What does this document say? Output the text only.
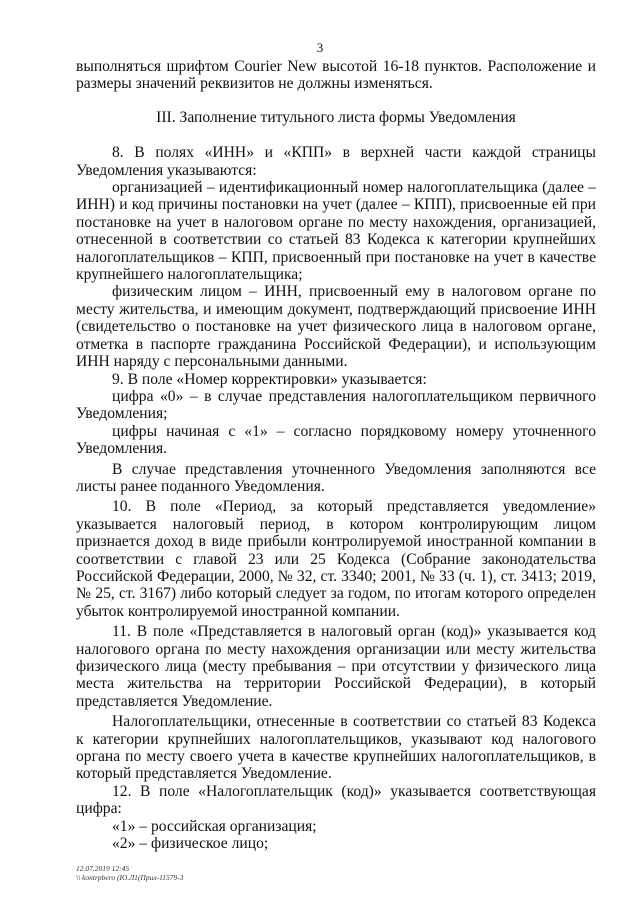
3

выполняться шрифтом Courier New высотой 16-18 пунктов. Расположение и размеры значений реквизитов не должны изменяться.

III. Заполнение титульного листа формы Уведомления

8. В полях «ИНН» и «КПП» в верхней части каждой страницы Уведомления указываются:

организацией – идентификационный номер налогоплательщика (далее – ИНН) и код причины постановки на учет (далее – КПП), присвоенные ей при постановке на учет в налоговом органе по месту нахождения, организацией, отнесенной в соответствии со статьей 83 Кодекса к категории крупнейших налогоплательщиков – КПП, присвоенный при постановке на учет в качестве крупнейшего налогоплательщика;

физическим лицом – ИНН, присвоенный ему в налоговом органе по месту жительства, и имеющим документ, подтверждающий присвоение ИНН (свидетельство о постановке на учет физического лица в налоговом органе, отметка в паспорте гражданина Российской Федерации), и использующим ИНН наряду с персональными данными.

9. В поле «Номер корректировки» указывается:

цифра «0» – в случае представления налогоплательщиком первичного Уведомления;

цифры начиная с «1» – согласно порядковому номеру уточненного Уведомления.

В случае представления уточненного Уведомления заполняются все листы ранее поданного Уведомления.

10. В поле «Период, за который представляется уведомление» указывается налоговый период, в котором контролирующим лицом признается доход в виде прибыли контролируемой иностранной компании в соответствии с главой 23 или 25 Кодекса (Собрание законодательства Российской Федерации, 2000, № 32, ст. 3340; 2001, № 33 (ч. 1), ст. 3413; 2019, № 25, ст. 3167) либо который следует за годом, по итогам которого определен убыток контролируемой иностранной компании.

11. В поле «Представляется в налоговый орган (код)» указывается код налогового органа по месту нахождения организации или месту жительства физического лица (месту пребывания – при отсутствии у физического лица места жительства на территории Российской Федерации), в который представляется Уведомление.

Налогоплательщики, отнесенные в соответствии со статьей 83 Кодекса к категории крупнейших налогоплательщиков, указывают код налогового органа по месту своего учета в качестве крупнейших налогоплательщиков, в который представляется Уведомление.

12. В поле «Налогоплательщик (код)» указывается соответствующая цифра:

«1» – российская организация;

«2» – физическое лицо;

12.07.2019 12:45
\\ kontrpbero (Ю.Л1(Прил-11579-3
